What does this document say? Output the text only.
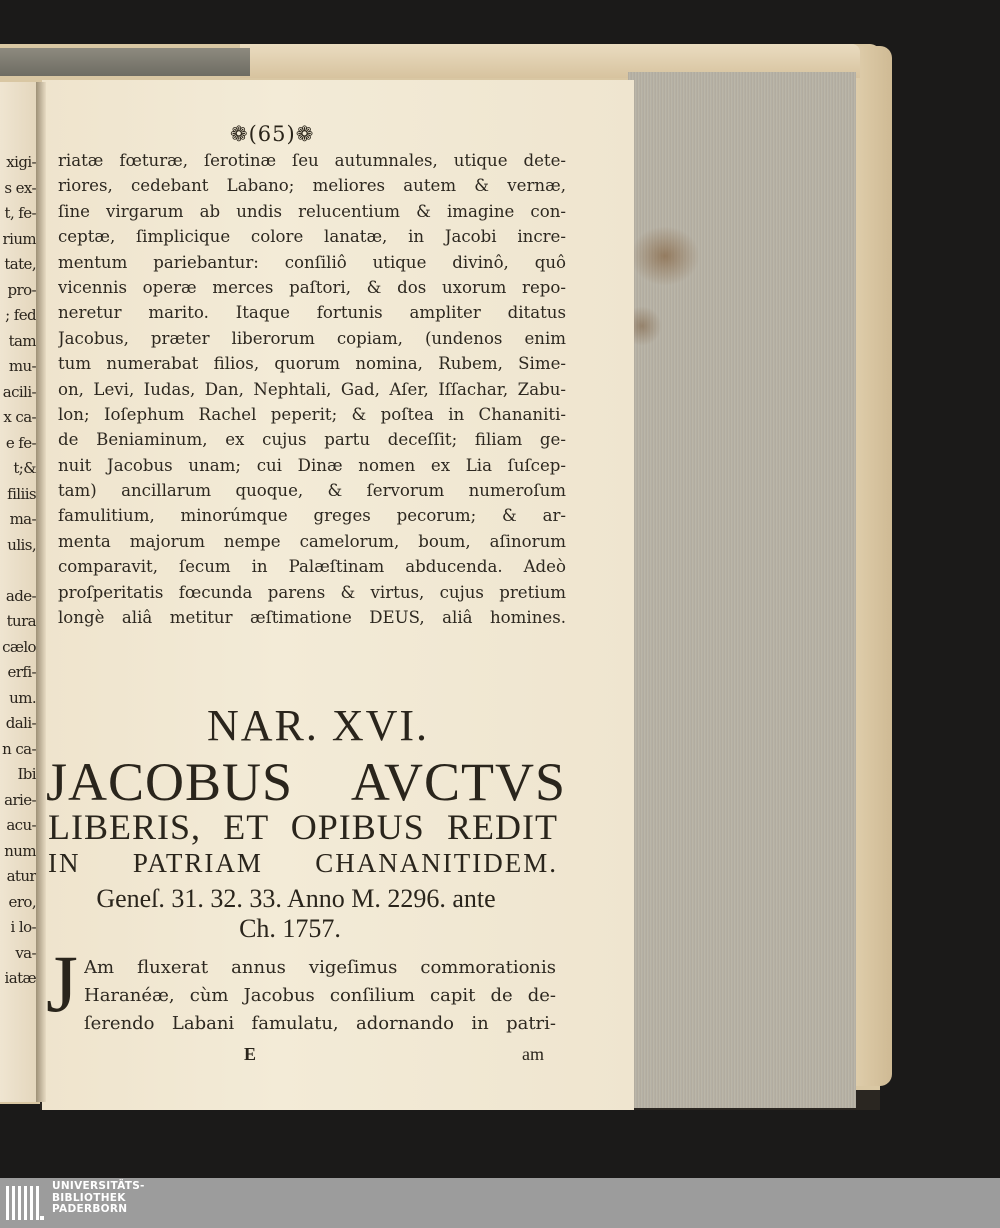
xigi-
s ex-
t, fe-
rium
tate,
pro-
; fed
tam
mu-
acili-
x ca-
e fe-
t;&
filiis
ma-
ulis,
ade-
tura
cælo
erfi-
um.
dali-
n ca-
Ibi
arie-
acu-
num
atur
ero,
i lo-
va-
iatæ
❁(65)❁
riatæ fœturæ, ſerotinæ ſeu autumnales, utique dete-
riores, cedebant Labano; meliores autem & vernæ,
ſine virgarum ab undis relucentium & imagine con-
ceptæ, ſimplicique colore lanatæ, in Jacobi incre-
mentum pariebantur: conſiliô utique divinô, quô
vicennis operæ merces paſtori, & dos uxorum repo-
neretur marito. Itaque fortunis ampliter ditatus
Jacobus, præter liberorum copiam, (undenos enim
tum numerabat filios, quorum nomina, Rubem, Sime-
on, Levi, Iudas, Dan, Nephtali, Gad, Aſer, Iſſachar, Zabu-
lon; Ioſephum Rachel peperit; & poſtea in Chananiti-
de Beniaminum, ex cujus partu deceſſit; filiam ge-
nuit Jacobus unam; cui Dinæ nomen ex Lia ſuſcep-
tam) ancillarum quoque, & ſervorum numeroſum
famulitium, minorúmque greges pecorum; & ar-
menta majorum nempe camelorum, boum, aſinorum
comparavit, ſecum in Palæſtinam abducenda. Adeò
proſperitatis fœcunda parens & virtus, cujus pretium
longè aliâ metitur æſtimatione DEUS, aliâ homines.
NAR. XVI.
JACOBUS AVCTVS
LIBERIS, ET OPIBUS REDIT
IN PATRIAM CHANANITIDEM.
Geneſ. 31. 32. 33. Anno M. 2296. ante
Ch. 1757.
J Am fluxerat annus vigeſimus commorationis
Haranéæ, cùm Jacobus conſilium capit de de-
ſerendo Labani famulatu, adornando in patri-
E	am
UNIVERSITÄTS-
BIBLIOTHEK
PADERBORN
